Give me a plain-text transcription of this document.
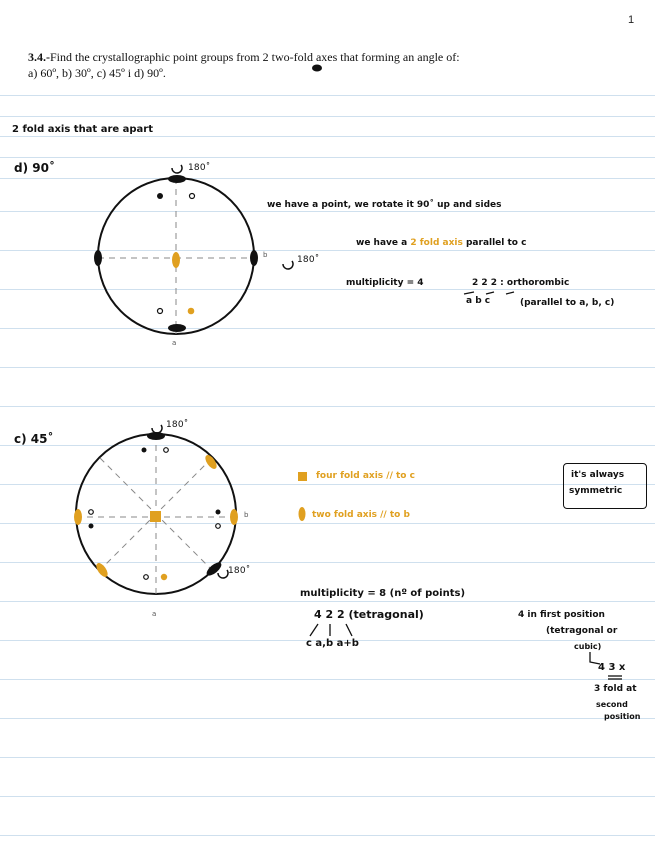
1
3.4.-Find the crystallographic point groups from 2 two-fold axes that forming an angle of:
a) 60º, b) 30º, c) 45º i d) 90º.
2 fold axis that are apart
d) 90˚	180˚
180˚
b
a
we have a point, we rotate it 90˚ up and sides
we have a 2 fold axis parallel to c
multiplicity = 4	2 2 2 : orthorombic
a b c	(parallel to a, b, c)
c) 45˚
180˚
180˚
b
a
four fold axis // to c
two fold axis // to b
it's always
symmetric
multiplicity = 8 (nº of points)
4 2 2 (tetragonal)
c a,b a+b
4 in first position
(tetragonal or
cubic)
4 3 x
3 fold at
second
position
